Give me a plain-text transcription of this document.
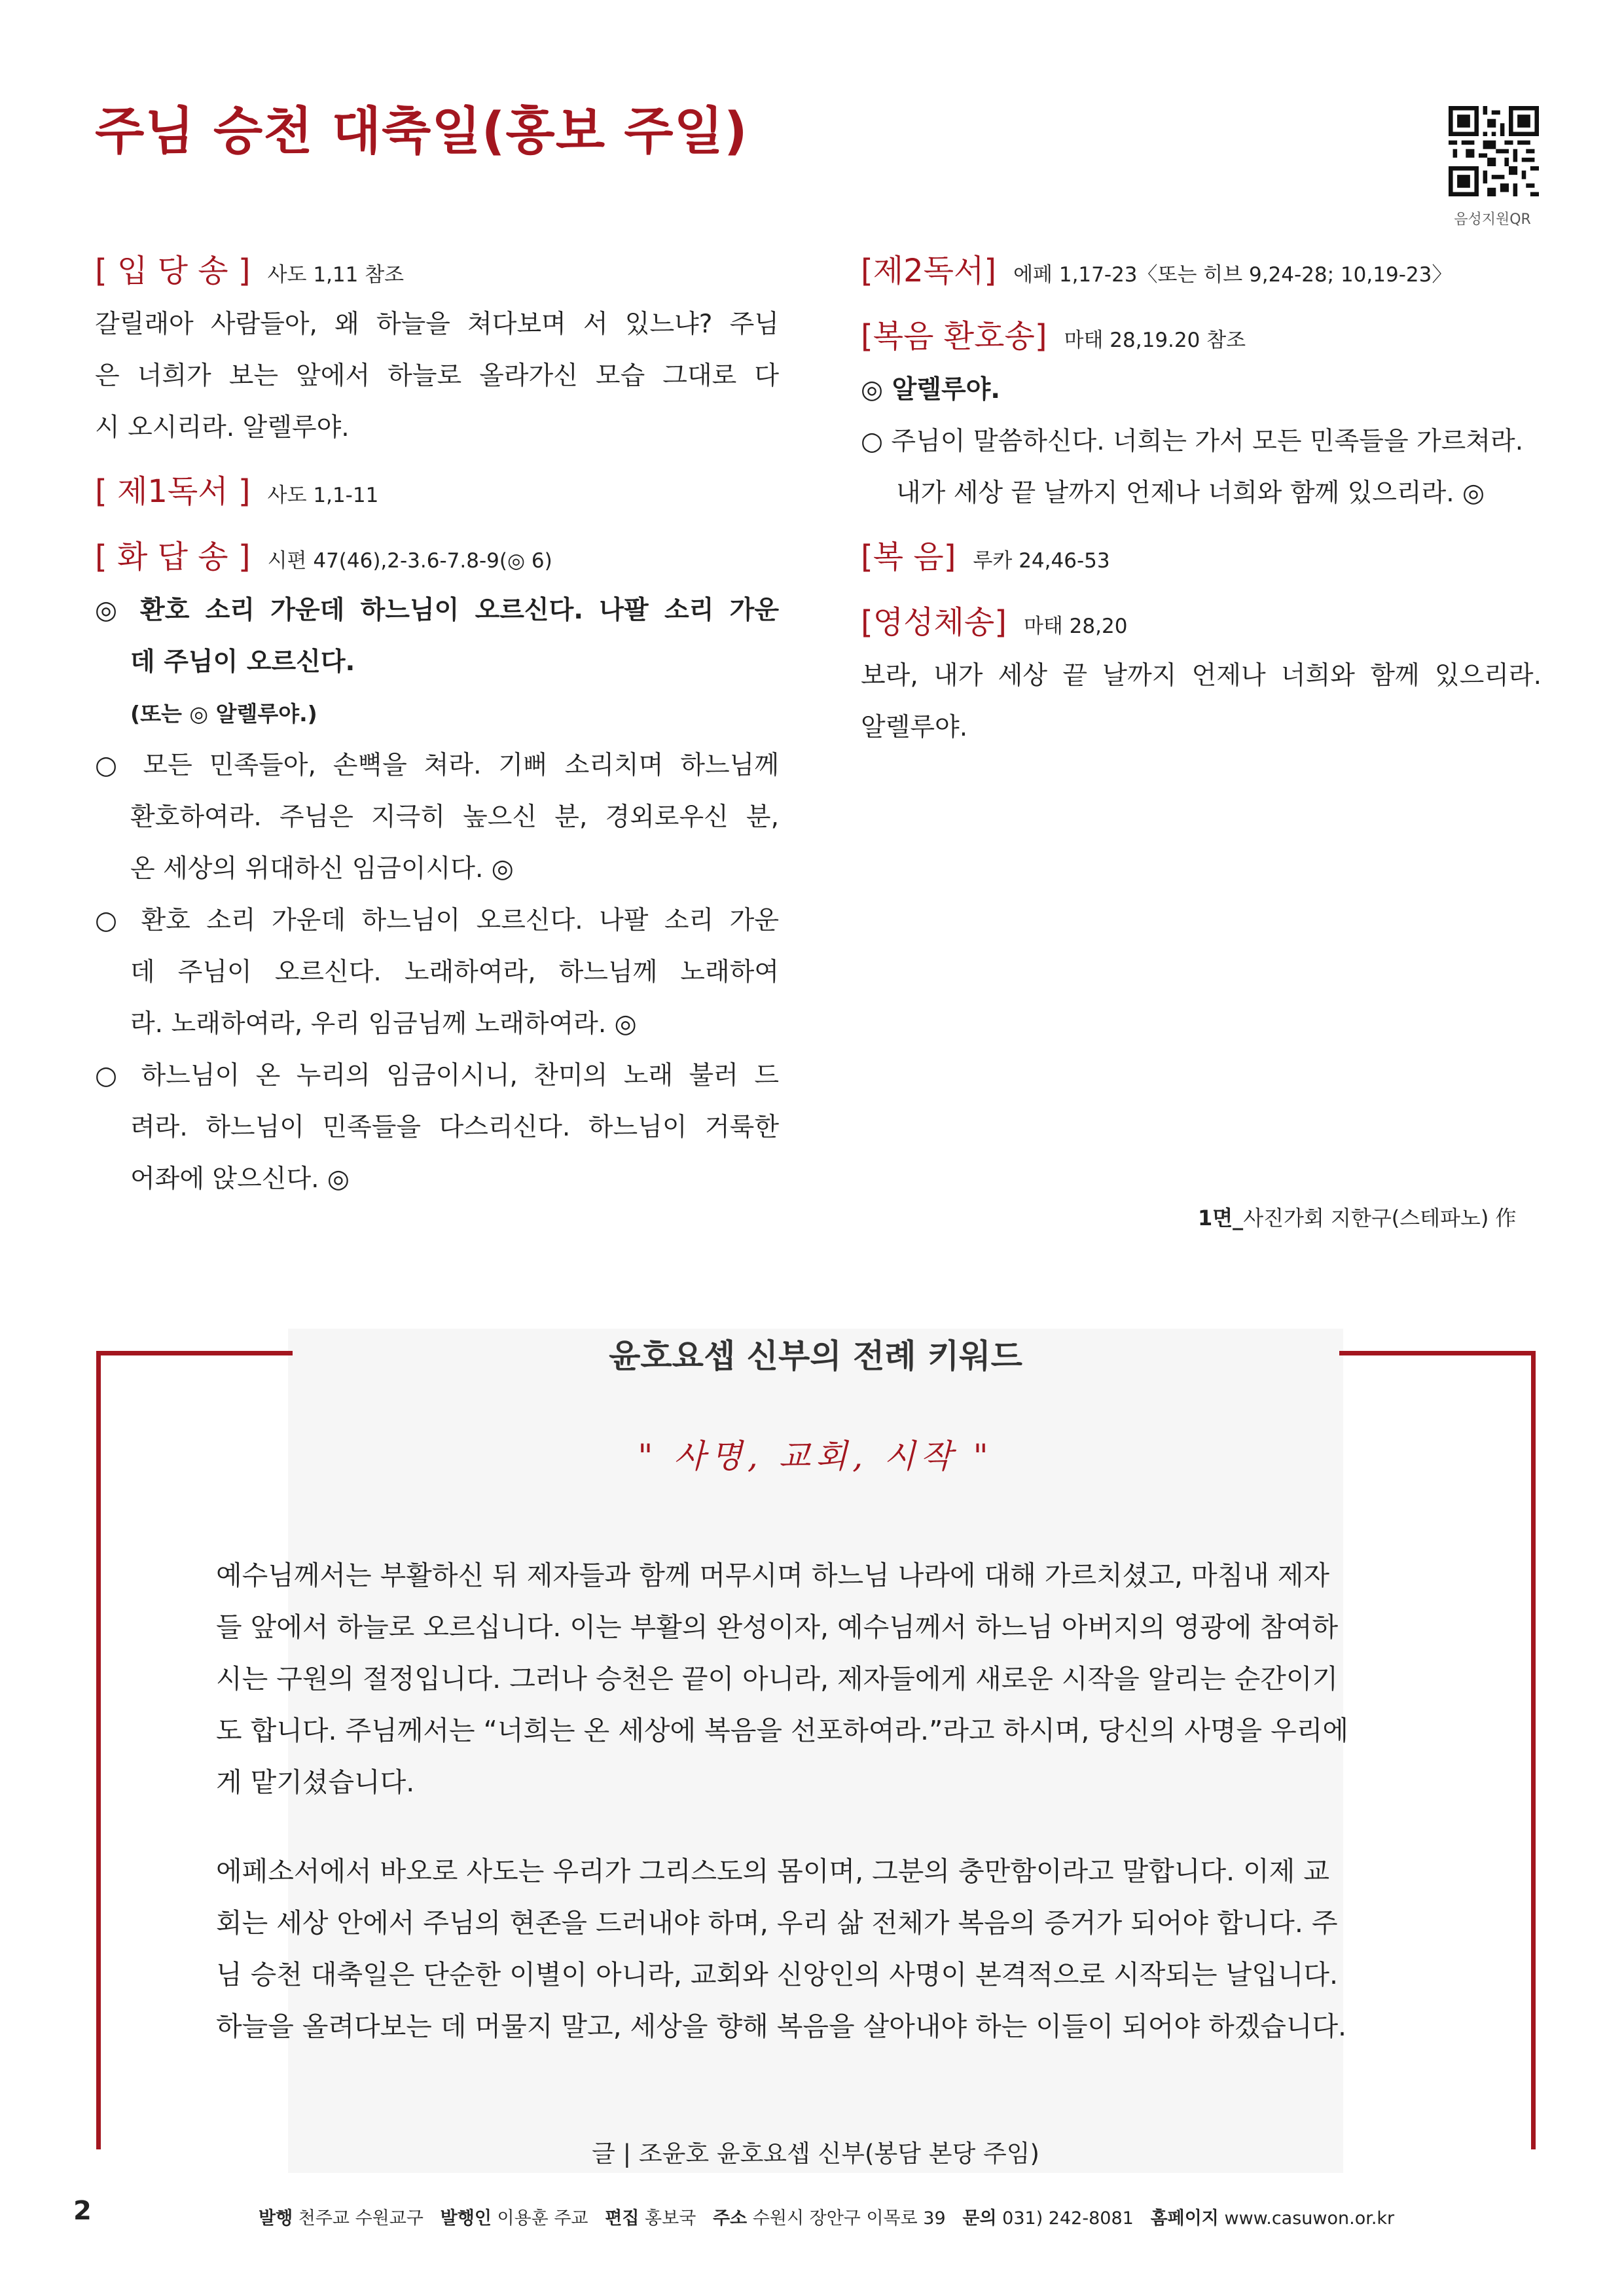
주님 승천 대축일(홍보 주일)
음성지원QR
[ 입 당 송 ] 사도 1,11 참조
갈릴래아 사람들아, 왜 하늘을 쳐다보며 서 있느냐? 주님
은 너희가 보는 앞에서 하늘로 올라가신 모습 그대로 다
시 오시리라. 알렐루야.
[ 제1독서 ] 사도 1,1-11
[ 화 답 송 ] 시편 47(46),2-3.6-7.8-9(◎ 6)
◎ 환호 소리 가운데 하느님이 오르신다. 나팔 소리 가운
데 주님이 오르신다.
(또는 ◎ 알렐루야.)
○ 모든 민족들아, 손뼉을 쳐라. 기뻐 소리치며 하느님께
환호하여라. 주님은 지극히 높으신 분, 경외로우신 분,
온 세상의 위대하신 임금이시다. ◎
○ 환호 소리 가운데 하느님이 오르신다. 나팔 소리 가운
데 주님이 오르신다. 노래하여라, 하느님께 노래하여
라. 노래하여라, 우리 임금님께 노래하여라. ◎
○ 하느님이 온 누리의 임금이시니, 찬미의 노래 불러 드
려라. 하느님이 민족들을 다스리신다. 하느님이 거룩한
어좌에 앉으신다. ◎
[제2독서] 에페 1,17-23〈또는 히브 9,24-28; 10,19-23〉
[복음 환호송] 마태 28,19.20 참조
◎ 알렐루야.
○ 주님이 말씀하신다. 너희는 가서 모든 민족들을 가르쳐라.
내가 세상 끝 날까지 언제나 너희와 함께 있으리라. ◎
[복 음] 루카 24,46-53
[영성체송] 마태 28,20
보라, 내가 세상 끝 날까지 언제나 너희와 함께 있으리라.
알렐루야.
1면_사진가회 지한구(스테파노) 作
윤호요셉 신부의 전례 키워드
" 사명, 교회, 시작 "
예수님께서는 부활하신 뒤 제자들과 함께 머무시며 하느님 나라에 대해 가르치셨고, 마침내 제자
들 앞에서 하늘로 오르십니다. 이는 부활의 완성이자, 예수님께서 하느님 아버지의 영광에 참여하
시는 구원의 절정입니다. 그러나 승천은 끝이 아니라, 제자들에게 새로운 시작을 알리는 순간이기
도 합니다. 주님께서는 “너희는 온 세상에 복음을 선포하여라.”라고 하시며, 당신의 사명을 우리에
게 맡기셨습니다.
에페소서에서 바오로 사도는 우리가 그리스도의 몸이며, 그분의 충만함이라고 말합니다. 이제 교
회는 세상 안에서 주님의 현존을 드러내야 하며, 우리 삶 전체가 복음의 증거가 되어야 합니다. 주
님 승천 대축일은 단순한 이별이 아니라, 교회와 신앙인의 사명이 본격적으로 시작되는 날입니다.
하늘을 올려다보는 데 머물지 말고, 세상을 향해 복음을 살아내야 하는 이들이 되어야 하겠습니다.
글 | 조윤호 윤호요셉 신부(봉담 본당 주임)
2	발행 천주교 수원교구 발행인 이용훈 주교 편집 홍보국 주소 수원시 장안구 이목로 39 문의 031) 242-8081 홈페이지 www.casuwon.or.kr
